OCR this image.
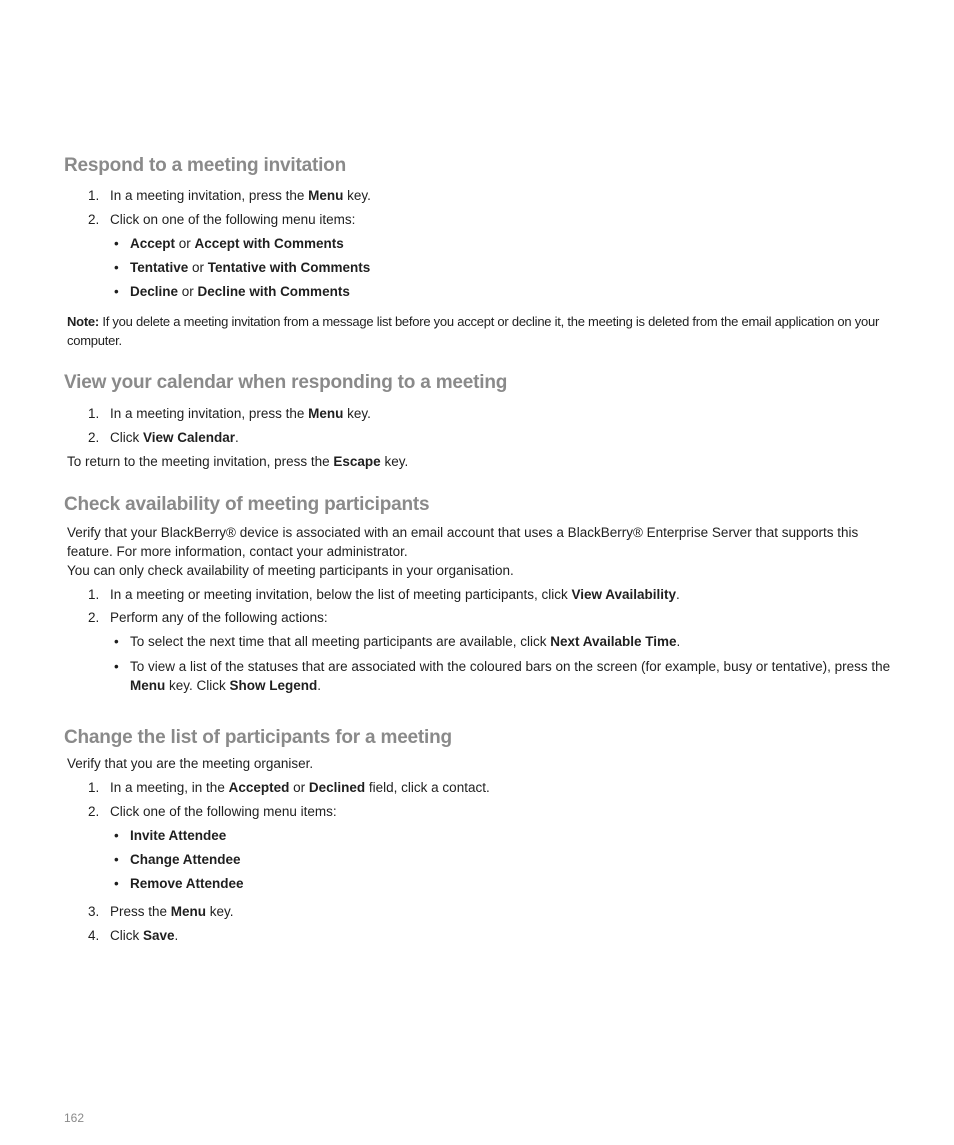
Respond to a meeting invitation

1. In a meeting invitation, press the Menu key.

2. Click on one of the following menu items:

• Accept or Accept with Comments

• Tentative or Tentative with Comments

• Decline or Decline with Comments

Note: If you delete a meeting invitation from a message list before you accept or decline it, the meeting is deleted from the email application on your computer.

View your calendar when responding to a meeting

1. In a meeting invitation, press the Menu key.

2. Click View Calendar.

To return to the meeting invitation, press the Escape key.

Check availability of meeting participants

Verify that your BlackBerry® device is associated with an email account that uses a BlackBerry® Enterprise Server that supports this feature. For more information, contact your administrator.

You can only check availability of meeting participants in your organisation.

1. In a meeting or meeting invitation, below the list of meeting participants, click View Availability.

2. Perform any of the following actions:

• To select the next time that all meeting participants are available, click Next Available Time.

• To view a list of the statuses that are associated with the coloured bars on the screen (for example, busy or tentative), press the Menu key. Click Show Legend.

Change the list of participants for a meeting

Verify that you are the meeting organiser.

1. In a meeting, in the Accepted or Declined field, click a contact.

2. Click one of the following menu items:

• Invite Attendee

• Change Attendee

• Remove Attendee

3. Press the Menu key.

4. Click Save.

162
